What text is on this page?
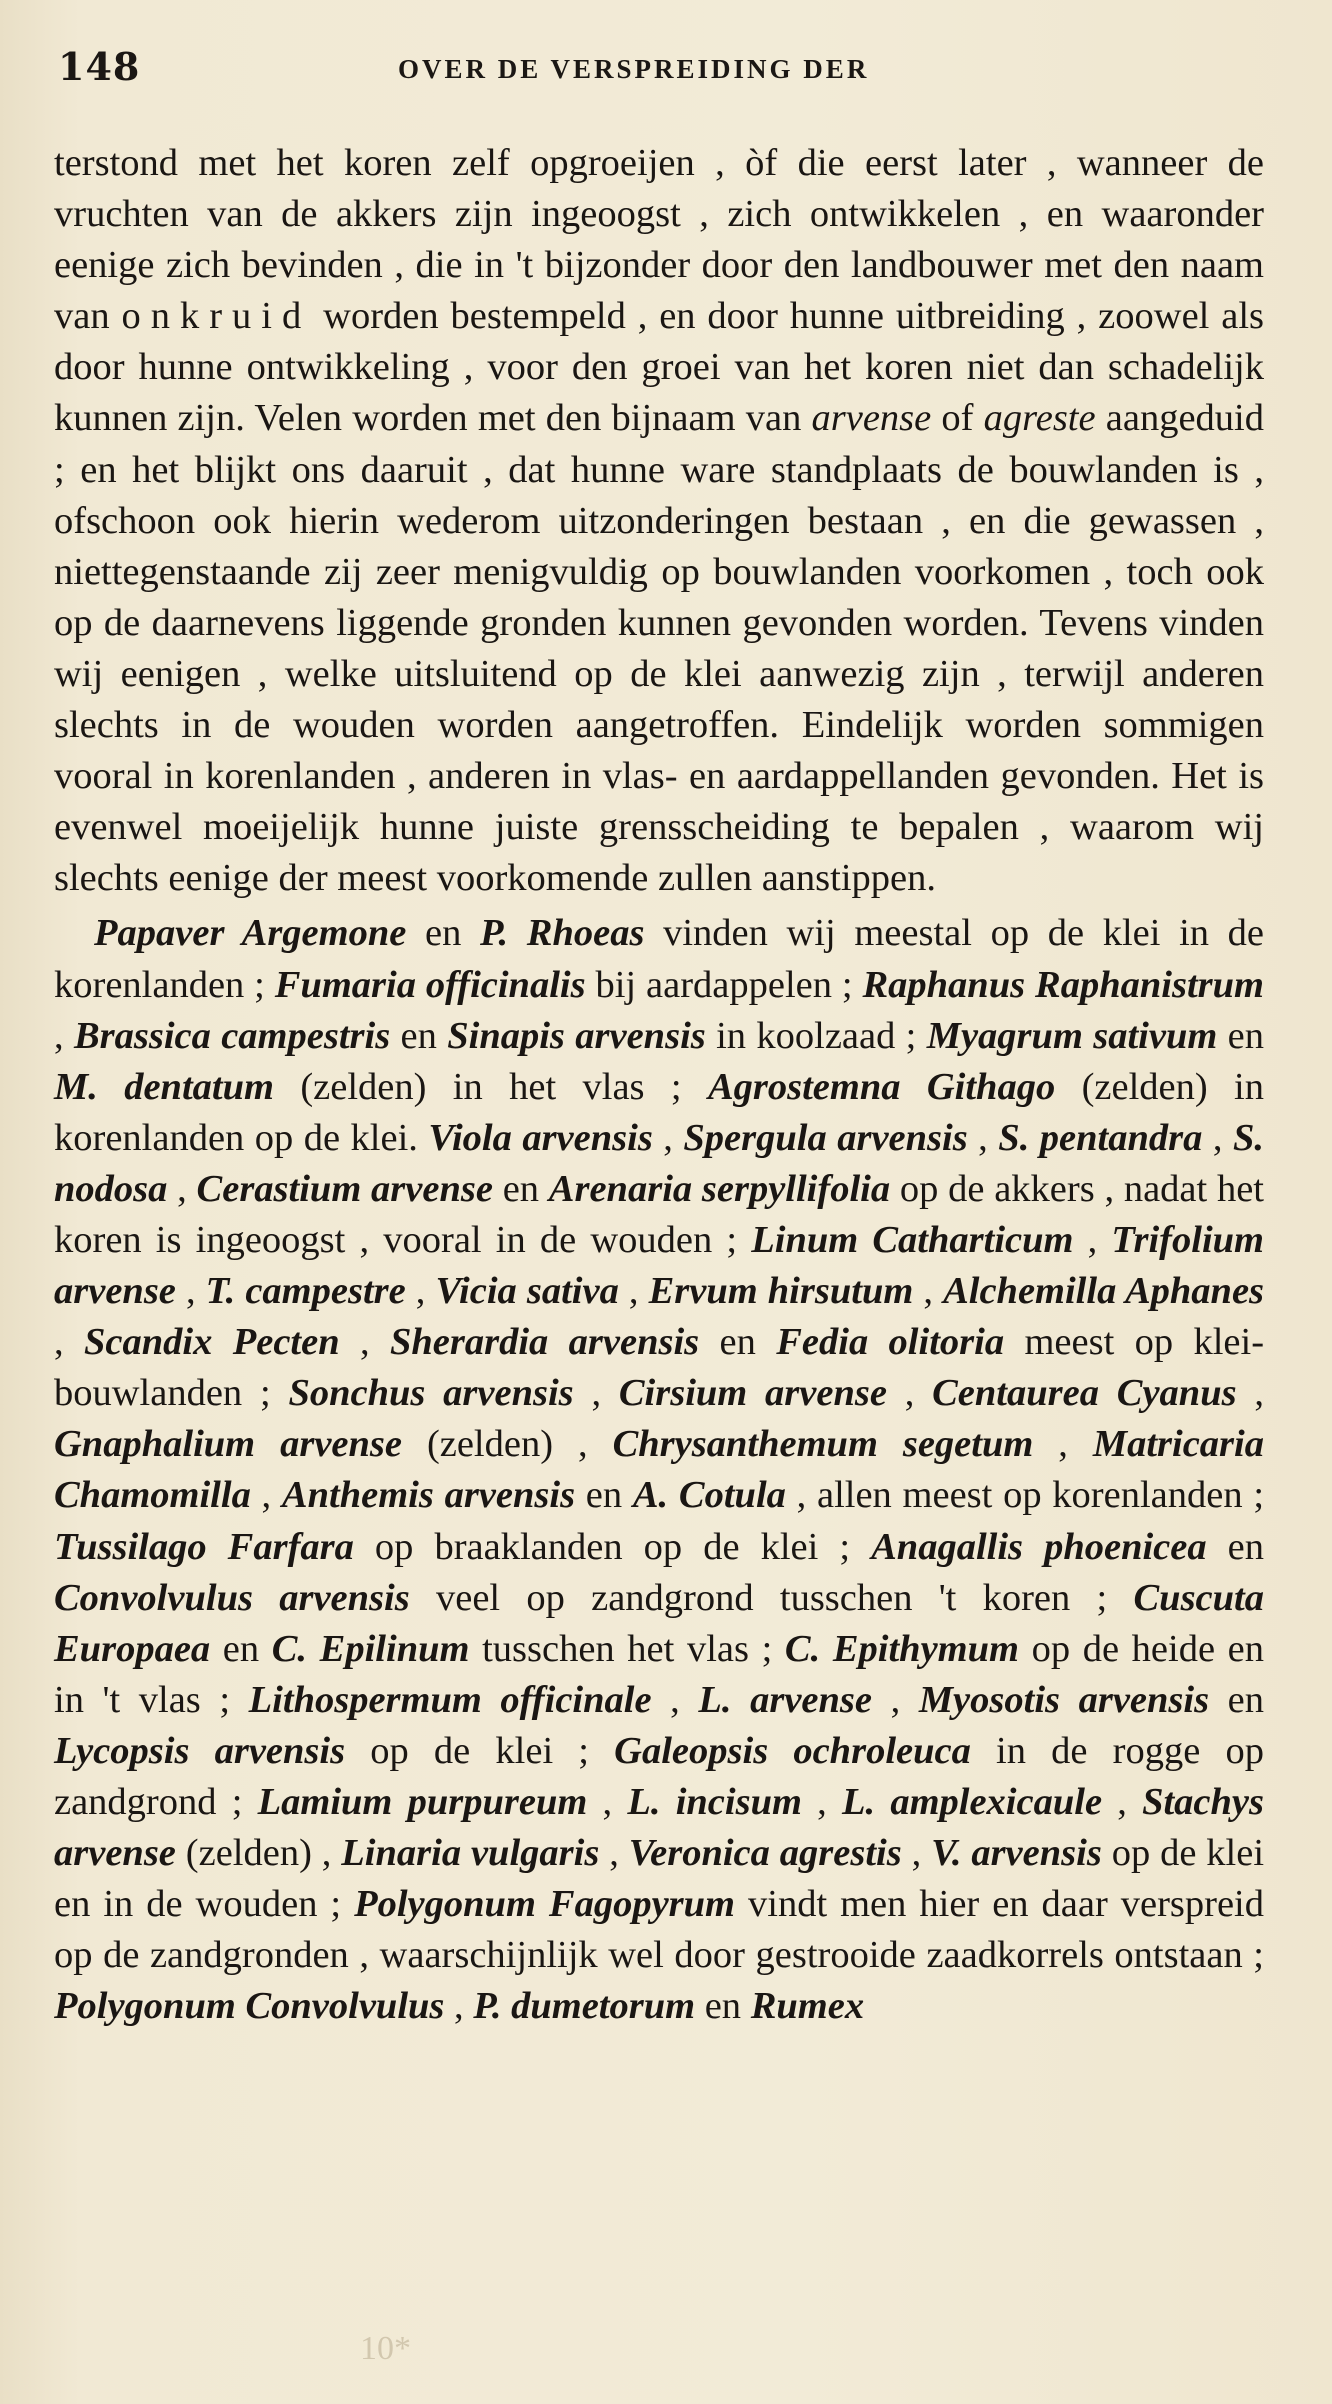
148	OVER DE VERSPREIDING DER

terstond met het koren zelf opgroeijen , òf die eerst later , wanneer de vruchten van de akkers zijn ingeoogst , zich ontwikkelen , en waaronder eenige zich bevinden , die in 't bijzonder door den landbouwer met den naam van onkruid worden bestempeld , en door hunne uitbreiding , zoowel als door hunne ontwikkeling , voor den groei van het koren niet dan schadelijk kunnen zijn. Velen worden met den bijnaam van arvense of agreste aangeduid ; en het blijkt ons daaruit , dat hunne ware standplaats de bouwlanden is , ofschoon ook hierin wederom uitzonderingen bestaan , en die gewassen , niettegenstaande zij zeer menigvuldig op bouwlanden voorkomen , toch ook op de daarnevens liggende gronden kunnen gevonden worden. Tevens vinden wij eenigen , welke uitsluitend op de klei aanwezig zijn , terwijl anderen slechts in de wouden worden aangetroffen. Eindelijk worden sommigen vooral in korenlanden , anderen in vlas- en aardappellanden gevonden. Het is evenwel moeijelijk hunne juiste grensscheiding te bepalen , waarom wij slechts eenige der meest voorkomende zullen aanstippen.

Papaver Argemone en P. Rhoeas vinden wij meestal op de klei in de korenlanden ; Fumaria officinalis bij aardappelen ; Raphanus Raphanistrum , Brassica campestris en Sinapis arvensis in koolzaad ; Myagrum sativum en M. dentatum (zelden) in het vlas ; Agrostemna Githago (zelden) in korenlanden op de klei. Viola arvensis , Spergula arvensis , S. pentandra , S. nodosa , Cerastium arvense en Arenaria serpyllifolia op de akkers , nadat het koren is ingeoogst , vooral in de wouden ; Linum Catharticum , Trifolium arvense , T. campestre , Vicia sativa , Ervum hirsutum , Alchemilla Aphanes , Scandix Pecten , Sherardia arvensis en Fedia olitoria meest op klei-bouwlanden ; Sonchus arvensis , Cirsium arvense , Centaurea Cyanus , Gnaphalium arvense (zelden) , Chrysanthemum segetum , Matricaria Chamomilla , Anthemis arvensis en A. Cotula , allen meest op korenlanden ; Tussilago Farfara op braaklanden op de klei ; Anagallis phoenicea en Convolvulus arvensis veel op zandgrond tusschen 't koren ; Cuscuta Europaea en C. Epilinum tusschen het vlas ; C. Epithymum op de heide en in 't vlas ; Lithospermum officinale , L. arvense , Myosotis arvensis en Lycopsis arvensis op de klei ; Galeopsis ochroleuca in de rogge op zandgrond ; Lamium purpureum , L. incisum , L. amplexicaule , Stachys arvense (zelden) , Linaria vulgaris , Veronica agrestis , V. arvensis op de klei en in de wouden ; Polygonum Fagopyrum vindt men hier en daar verspreid op de zandgronden , waarschijnlijk wel door gestrooide zaadkorrels ontstaan ; Polygonum Convolvulus , P. dumetorum en Rumex

10*
